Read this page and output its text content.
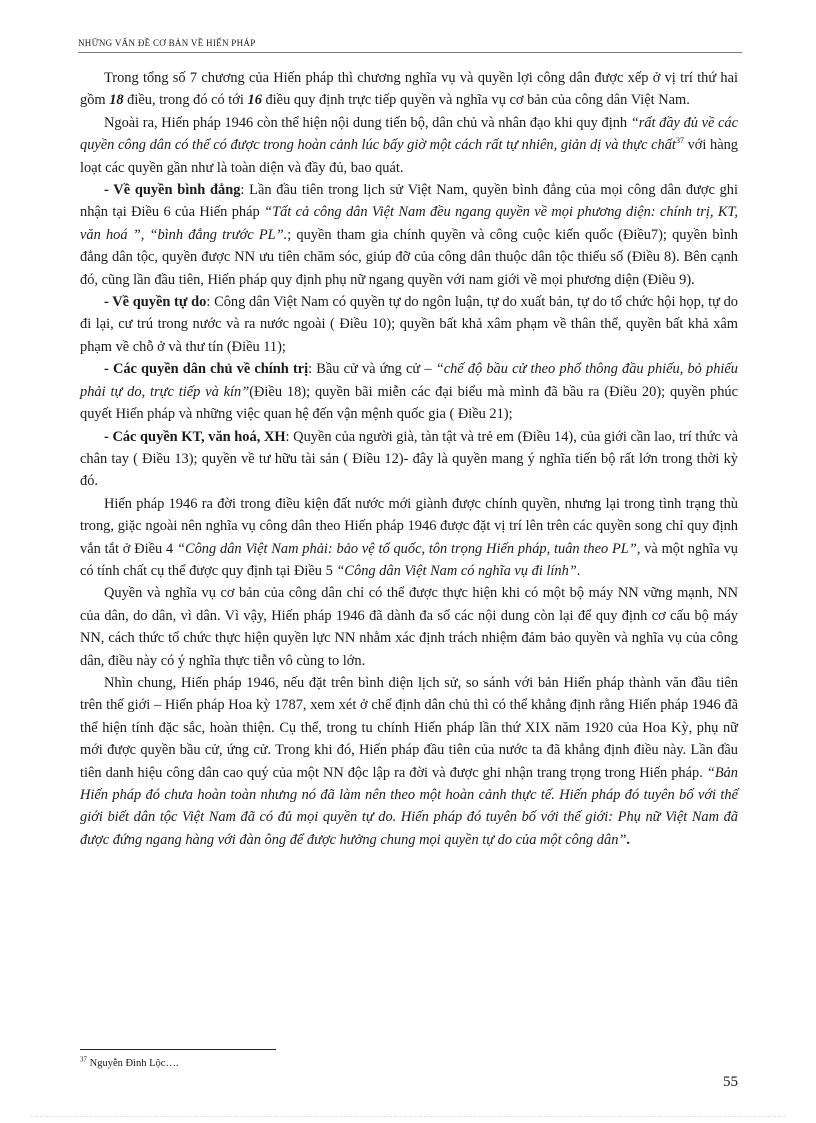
NHỮNG VẤN ĐỀ CƠ BẢN VỀ HIẾN PHÁP

Trong tổng số 7 chương của Hiến pháp thì chương nghĩa vụ và quyền lợi công dân được xếp ở vị trí thứ hai gồm 18 điều, trong đó có tới 16 điều quy định trực tiếp quyền và nghĩa vụ cơ bản của công dân Việt Nam.

Ngoài ra, Hiến pháp 1946 còn thể hiện nội dung tiến bộ, dân chủ và nhân đạo khi quy định “rất đầy đủ về các quyền công dân có thể có được trong hoàn cảnh lúc bấy giờ một cách rất tự nhiên, giản dị và thực chất$^{37}$ với hàng loạt các quyền gần như là toàn diện và đầy đủ, bao quát.

- Về quyền bình đẳng: Lần đầu tiên trong lịch sử Việt Nam, quyền bình đẳng của mọi công dân được ghi nhận tại Điều 6 của Hiến pháp “Tất cả công dân Việt Nam đều ngang quyền về mọi phương diện: chính trị, KT, văn hoá ”, “bình đẳng trước PL”.; quyền tham gia chính quyền và công cuộc kiến quốc (Điều7); quyền bình đẳng dân tộc, quyền được NN ưu tiên chăm sóc, giúp đỡ của công dân thuộc dân tộc thiểu số (Điều 8). Bên cạnh đó, cũng lần đầu tiên, Hiến pháp quy định phụ nữ ngang quyền với nam giới về mọi phương diện (Điều 9).

- Về quyền tự do: Công dân Việt Nam có quyền tự do ngôn luận, tự do xuất bản, tự do tổ chức hội họp, tự do đi lại, cư trú trong nước và ra nước ngoài ( Điều 10); quyền bất khả xâm phạm về thân thể, quyền bất khả xâm phạm về chỗ ở và thư tín (Điều 11);

- Các quyền dân chủ về chính trị: Bầu cử và ứng cử – “chế độ bầu cử theo phổ thông đầu phiếu, bỏ phiếu phải tự do, trực tiếp và kín”(Điều 18); quyền bãi miễn các đại biểu mà mình đã bầu ra (Điều 20); quyền phúc quyết Hiến pháp và những việc quan hệ đến vận mệnh quốc gia ( Điều 21);

- Các quyền KT, văn hoá, XH: Quyền của người già, tàn tật và trẻ em (Điều 14), của giới cần lao, trí thức và chân tay ( Điều 13); quyền về tư hữu tài sản ( Điều 12)- đây là quyền mang ý nghĩa tiến bộ rất lớn trong thời kỳ đó.

Hiến pháp 1946 ra đời trong điều kiện đất nước mới giành được chính quyền, nhưng lại trong tình trạng thù trong, giặc ngoài nên nghĩa vụ công dân theo Hiến pháp 1946 được đặt vị trí lên trên các quyền song chỉ quy định vắn tắt ở Điều 4 “Công dân Việt Nam phải: bảo vệ tổ quốc, tôn trọng Hiến pháp, tuân theo PL”, và một nghĩa vụ có tính chất cụ thể được quy định tại Điều 5 “Công dân Việt Nam có nghĩa vụ đi lính”.

Quyền và nghĩa vụ cơ bản của công dân chỉ có thể được thực hiện khi có một bộ máy NN vững mạnh, NN của dân, do dân, vì dân. Vì vậy, Hiến pháp 1946 đã dành đa số các nội dung còn lại để quy định cơ cấu bộ máy NN, cách thức tổ chức thực hiện quyền lực NN nhằm xác định trách nhiệm đảm bảo quyền và nghĩa vụ của công dân, điều này có ý nghĩa thực tiễn vô cùng to lớn.

Nhìn chung, Hiến pháp 1946, nếu đặt trên bình diện lịch sử, so sánh với bản Hiến pháp thành văn đầu tiên trên thế giới – Hiến pháp Hoa kỳ 1787, xem xét ở chế định dân chủ thì có thể khẳng định rằng Hiến pháp 1946 đã thể hiện tính đặc sắc, hoàn thiện. Cụ thể, trong tu chính Hiến pháp lần thứ XIX năm 1920 của Hoa Kỳ, phụ nữ mới được quyền bầu cử, ứng cử. Trong khi đó, Hiến pháp đầu tiên của nước ta đã khẳng định điều này. Lần đầu tiên danh hiệu công dân cao quý của một NN độc lập ra đời và được ghi nhận trang trọng trong Hiến pháp. “Bản Hiến pháp đó chưa hoàn toàn nhưng nó đã làm nên theo một hoàn cảnh thực tế. Hiến pháp đó tuyên bố với thế giới biết dân tộc Việt Nam đã có đủ mọi quyền tự do. Hiến pháp đó tuyên bố với thế giới: Phụ nữ Việt Nam đã được đứng ngang hàng với đàn ông để được hưởng chung mọi quyền tự do của một công dân”.

$^{37}$ Nguyễn Đình Lộc….
55
